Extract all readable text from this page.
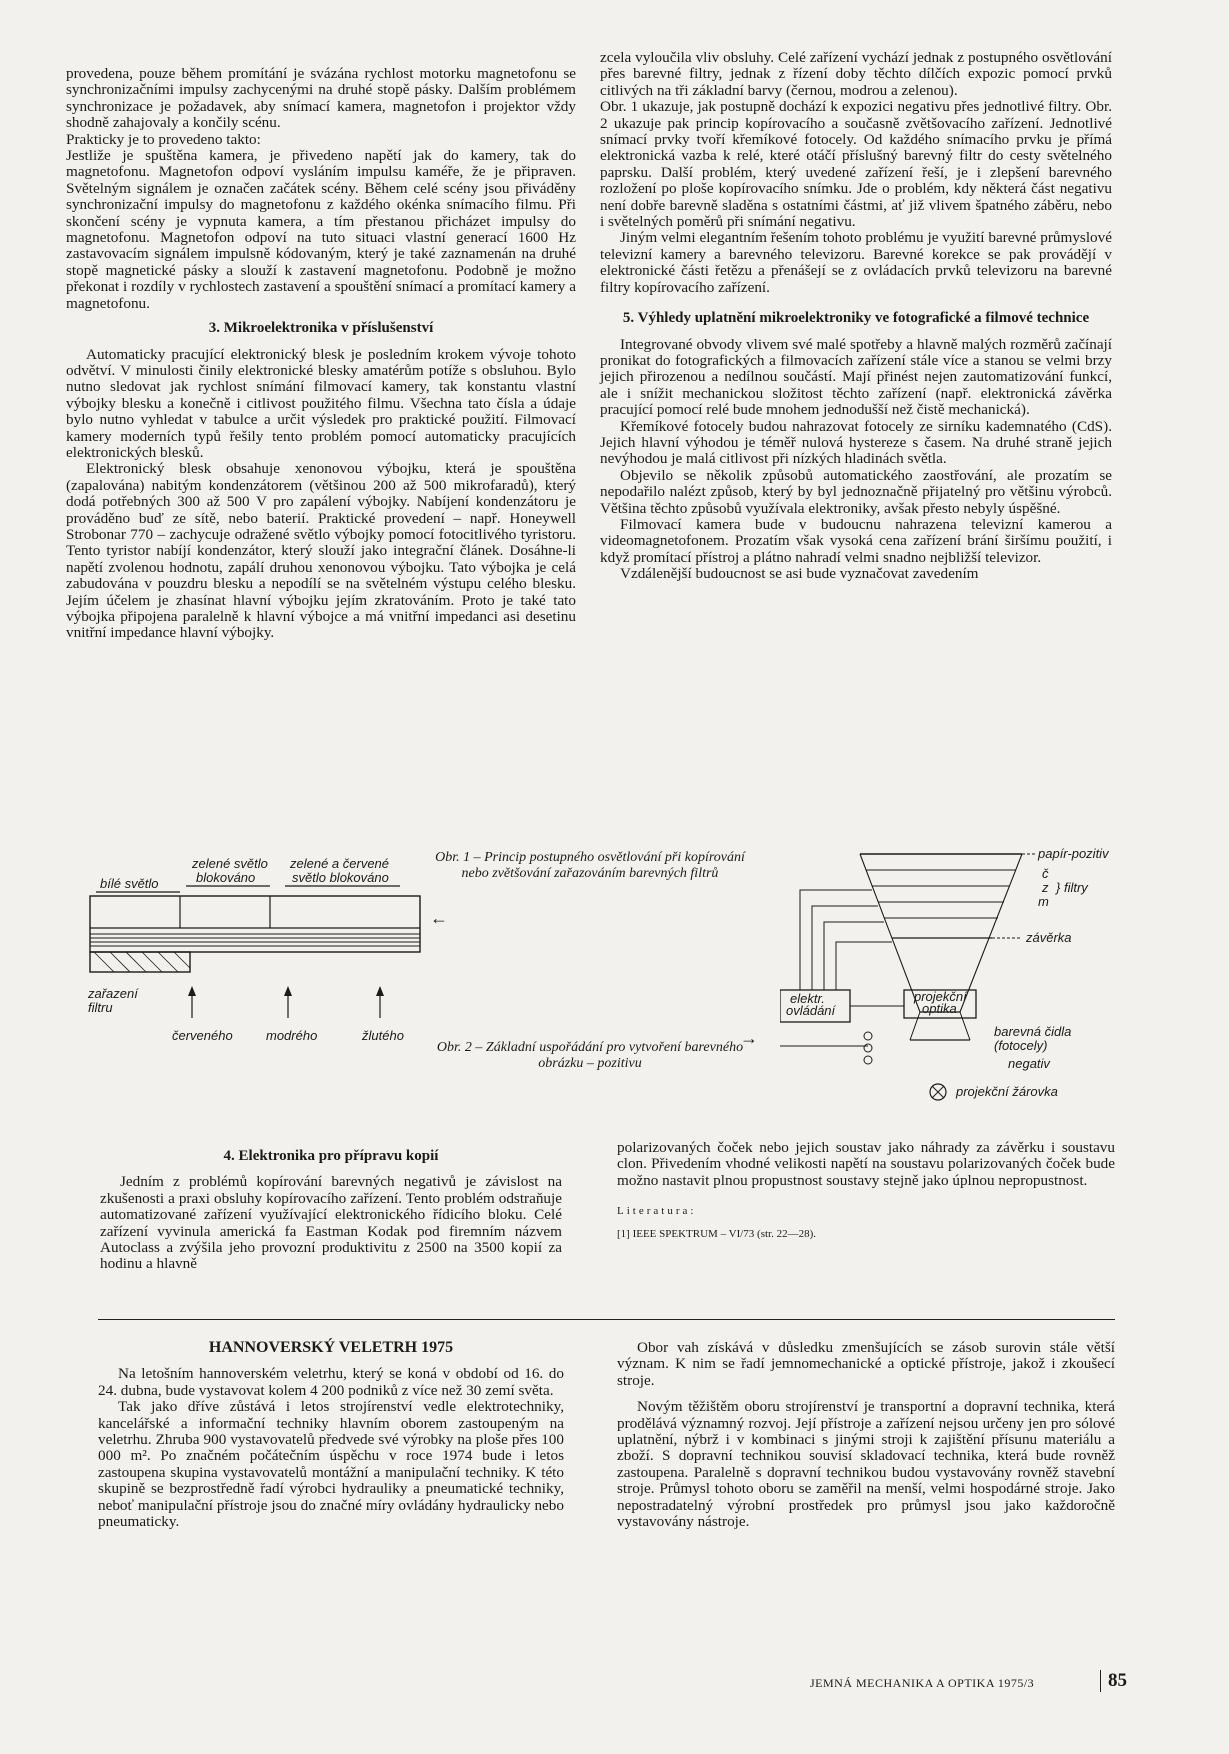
provedena, pouze během promítání je svázána rychlost motorku magnetofonu se synchronizačními impulsy zachycenými na druhé stopě pásky. Dalším problémem synchronizace je požadavek, aby snímací kamera, magnetofon i projektor vždy shodně zahajovaly a končily scénu.

Prakticky je to provedeno takto:

Jestliže je spuštěna kamera, je přivedeno napětí jak do kamery, tak do magnetofonu. Magnetofon odpoví vysláním impulsu kaméře, že je připraven. Světelným signálem je označen začátek scény. Během celé scény jsou přiváděny synchronizační impulsy do magnetofonu z každého okénka snímacího filmu. Při skončení scény je vypnuta kamera, a tím přestanou přicházet impulsy do magnetofonu. Magnetofon odpoví na tuto situaci vlastní generací 1600 Hz zastavovacím signálem impulsně kódovaným, který je také zaznamenán na druhé stopě magnetické pásky a slouží k zastavení magnetofonu. Podobně je možno překonat i rozdíly v rychlostech zastavení a spouštění snímací a promítací kamery a magnetofonu.

3. Mikroelektronika v příslušenství

Automaticky pracující elektronický blesk je posledním krokem vývoje tohoto odvětví. V minulosti činily elektronické blesky amatérům potíže s obsluhou. Bylo nutno sledovat jak rychlost snímání filmovací kamery, tak konstantu vlastní výbojky blesku a konečně i citlivost použitého filmu. Všechna tato čísla a údaje bylo nutno vyhledat v tabulce a určit výsledek pro praktické použití. Filmovací kamery moderních typů řešily tento problém pomocí automaticky pracujících elektronických blesků.

Elektronický blesk obsahuje xenonovou výbojku, která je spouštěna (zapalována) nabitým kondenzátorem (většinou 200 až 500 mikrofaradů), který dodá potřebných 300 až 500 V pro zapálení výbojky. Nabíjení kondenzátoru je prováděno buď ze sítě, nebo baterií. Praktické provedení – např. Honeywell Strobonar 770 – zachycuje odražené světlo výbojky pomocí fotocitlivého tyristoru. Tento tyristor nabíjí kondenzátor, který slouží jako integrační článek. Dosáhne-li napětí zvolenou hodnotu, zapálí druhou xenonovou výbojku. Tato výbojka je celá zabudována v pouzdru blesku a nepodílí se na světelném výstupu celého blesku. Jejím účelem je zhasínat hlavní výbojku jejím zkratováním. Proto je také tato výbojka připojena paralelně k hlavní výbojce a má vnitřní impedanci asi desetinu vnitřní impedance hlavní výbojky.

zcela vyloučila vliv obsluhy. Celé zařízení vychází jednak z postupného osvětlování přes barevné filtry, jednak z řízení doby těchto dílčích expozic pomocí prvků citlivých na tři základní barvy (černou, modrou a zelenou).

Obr. 1 ukazuje, jak postupně dochází k expozici negativu přes jednotlivé filtry. Obr. 2 ukazuje pak princip kopírovacího a současně zvětšovacího zařízení. Jednotlivé snímací prvky tvoří křemíkové fotocely. Od každého snímacího prvku je přímá elektronická vazba k relé, které otáčí příslušný barevný filtr do cesty světelného paprsku. Další problém, který uvedené zařízení řeší, je i zlepšení barevného rozložení po ploše kopírovacího snímku. Jde o problém, kdy některá část negativu není dobře barevně sladěna s ostatními částmi, ať již vlivem špatného záběru, nebo i světelných poměrů při snímání negativu.

Jiným velmi elegantním řešením tohoto problému je využití barevné průmyslové televizní kamery a barevného televizoru. Barevné korekce se pak provádějí v elektronické části řetězu a přenášejí se z ovládacích prvků televizoru na barevné filtry kopírovacího zařízení.

5. Výhledy uplatnění mikroelektroniky ve fotografické a filmové technice

Integrované obvody vlivem své malé spotřeby a hlavně malých rozměrů začínají pronikat do fotografických a filmovacích zařízení stále více a stanou se velmi brzy jejich přirozenou a nedílnou součástí. Mají přinést nejen zautomatizování funkcí, ale i snížit mechanickou složitost těchto zařízení (např. elektronická závěrka pracující pomocí relé bude mnohem jednodušší než čistě mechanická).

Křemíkové fotocely budou nahrazovat fotocely ze sirníku kademnatého (CdS). Jejich hlavní výhodou je téměř nulová hystereze s časem. Na druhé straně jejich nevýhodou je malá citlivost při nízkých hladinách světla.

Objevilo se několik způsobů automatického zaostřování, ale prozatím se nepodařilo nalézt způsob, který by byl jednoznačně přijatelný pro většinu výrobců. Většina těchto způsobů využívala elektroniky, avšak přesto nebyly úspěšné.

Filmovací kamera bude v budoucnu nahrazena televizní kamerou a videomagnetofonem. Prozatím však vysoká cena zařízení brání širšímu použití, i když promítací přístroj a plátno nahradí velmi snadno nejbližší televizor.

Vzdálenější budoucnost se asi bude vyznačovat zavedením

bílé světlo
zelené světlo blokováno
zelené a červené světlo blokováno
zařazení filtru
červeného	modrého	žlutého
Obr. 1 – Princip postupného osvětlování při kopírování nebo zvětšování zařazováním barevných filtrů
←
papír-pozitiv
č
z
m
} filtry
závěrka
elektr. ovládání
projekční optika
barevná čidla (fotocely)
negativ
projekční žárovka
Obr. 2 – Základní uspořádání pro vytvoření barevného obrázku – pozitivu
→

4. Elektronika pro přípravu kopií

Jedním z problémů kopírování barevných negativů je závislost na zkušenosti a praxi obsluhy kopírovacího zařízení. Tento problém odstraňuje automatizované zařízení využívající elektronického řídicího bloku. Celé zařízení vyvinula americká fa Eastman Kodak pod firemním názvem Autoclass a zvýšila jeho provozní produktivitu z 2500 na 3500 kopií za hodinu a hlavně

polarizovaných čoček nebo jejich soustav jako náhrady za závěrku i soustavu clon. Přivedením vhodné velikosti napětí na soustavu polarizovaných čoček bude možno nastavit plnou propustnost soustavy stejně jako úplnou nepropustnost.

Literatura:

[1] IEEE SPEKTRUM – VI/73 (str. 22—28).

HANNOVERSKÝ VELETRH 1975

Na letošním hannoverském veletrhu, který se koná v období od 16. do 24. dubna, bude vystavovat kolem 4 200 podniků z více než 30 zemí světa.

Tak jako dříve zůstává i letos strojírenství vedle elektrotechniky, kancelářské a informační techniky hlavním oborem zastoupeným na veletrhu. Zhruba 900 vystavovatelů předvede své výrobky na ploše přes 100 000 m². Po značném počátečním úspěchu v roce 1974 bude i letos zastoupena skupina vystavovatelů montážní a manipulační techniky. K této skupině se bezprostředně řadí výrobci hydrauliky a pneumatické techniky, neboť manipulační přístroje jsou do značné míry ovládány hydraulicky nebo pneumaticky.

Obor vah získává v důsledku zmenšujících se zásob surovin stále větší význam. K nim se řadí jemnomechanické a optické přístroje, jakož i zkoušecí stroje.

Novým těžištěm oboru strojírenství je transportní a dopravní technika, která prodělává významný rozvoj. Její přístroje a zařízení nejsou určeny jen pro sólové uplatnění, nýbrž i v kombinaci s jinými stroji k zajištění přísunu materiálu a zboží. S dopravní technikou souvisí skladovací technika, která bude rovněž zastoupena. Paralelně s dopravní technikou budou vystavovány rovněž stavební stroje. Průmysl tohoto oboru se zaměřil na menší, velmi hospodárné stroje. Jako nepostradatelný výrobní prostředek pro průmysl jsou jako každoročně vystavovány nástroje.

JEMNÁ MECHANIKA A OPTIKA 1975/3	85
